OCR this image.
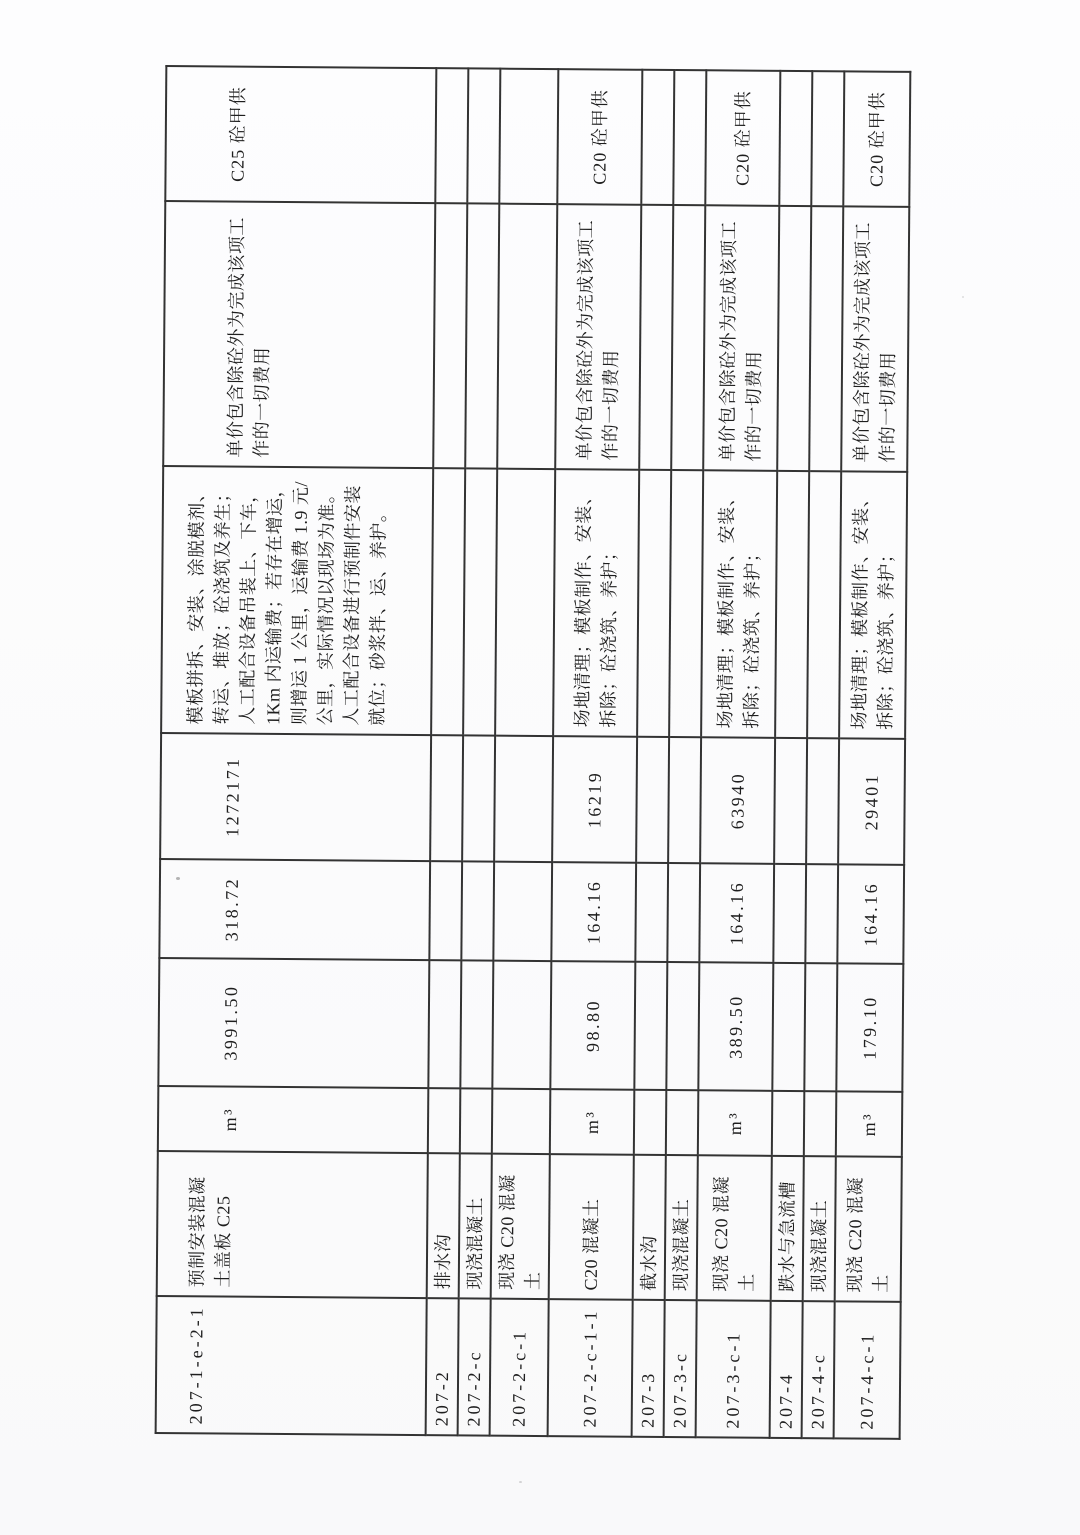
207-1-e-2-1	预制安装混凝土盖板 C25	m³	3991.50	318.72	1272171	模板拼拆、安装、涂脱模剂、转运、堆放；砼浇筑及养生；人工配合设备吊装上、下车，1Km 内运输费；若存在增运，则增运 1 公里，运输费 1.9 元/公里，实际情况以现场为准。人工配合设备进行预制件安装就位；砂浆拌、运、养护。	单价包含除砼外为完成该项工作的一切费用	C25 砼甲供
207-2	排水沟							
207-2-c	现浇混凝土							
207-2-c-1	现浇 C20 混凝土							
207-2-c-1-1	C20 混凝土	m³	98.80	164.16	16219	场地清理；模板制作、安装、拆除；砼浇筑、养护；	单价包含除砼外为完成该项工作的一切费用	C20 砼甲供
207-3	截水沟							
207-3-c	现浇混凝土							
207-3-c-1	现浇 C20 混凝土	m³	389.50	164.16	63940	场地清理；模板制作、安装、拆除；砼浇筑、养护；	单价包含除砼外为完成该项工作的一切费用	C20 砼甲供
207-4	跌水与急流槽							
207-4-c	现浇混凝土							
207-4-c-1	现浇 C20 混凝土	m³	179.10	164.16	29401	场地清理；模板制作、安装、拆除；砼浇筑、养护；	单价包含除砼外为完成该项工作的一切费用	C20 砼甲供
